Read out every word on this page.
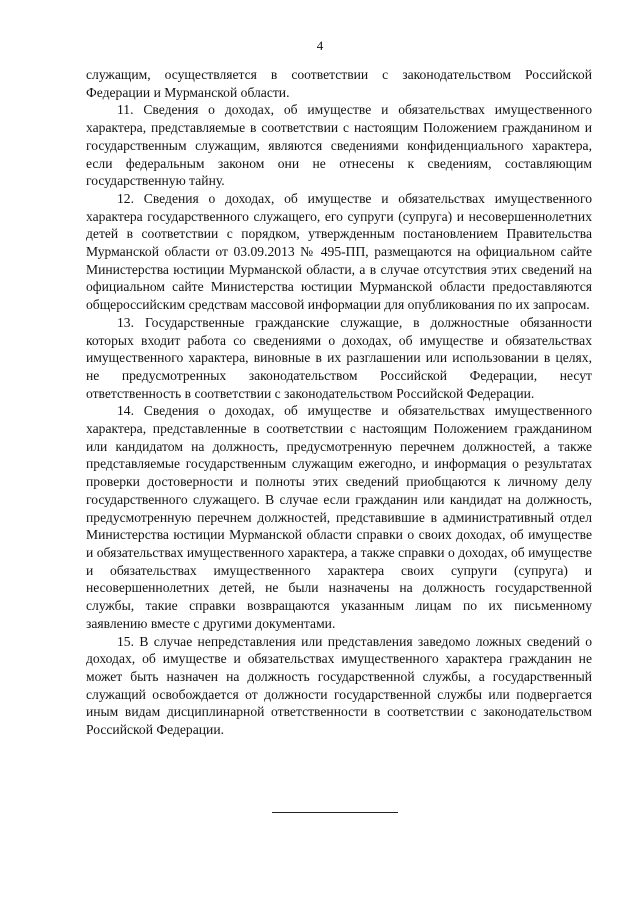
4

служащим, осуществляется в соответствии с законодательством Российской Федерации и Мурманской области.

11. Сведения о доходах, об имуществе и обязательствах имущественного характера, представляемые в соответствии с настоящим Положением гражданином и государственным служащим, являются сведениями конфиденциального характера, если федеральным законом они не отнесены к сведениям, составляющим государственную тайну.

12. Сведения о доходах, об имуществе и обязательствах имущественного характера государственного служащего, его супруги (супруга) и несовершеннолетних детей в соответствии с порядком, утвержденным постановлением Правительства Мурманской области от 03.09.2013 № 495-ПП, размещаются на официальном сайте Министерства юстиции Мурманской области, а в случае отсутствия этих сведений на официальном сайте Министерства юстиции Мурманской области предоставляются общероссийским средствам массовой информации для опубликования по их запросам.

13. Государственные гражданские служащие, в должностные обязанности которых входит работа со сведениями о доходах, об имуществе и обязательствах имущественного характера, виновные в их разглашении или использовании в целях, не предусмотренных законодательством Российской Федерации, несут ответственность в соответствии с законодательством Российской Федерации.

14. Сведения о доходах, об имуществе и обязательствах имущественного характера, представленные в соответствии с настоящим Положением гражданином или кандидатом на должность, предусмотренную перечнем должностей, а также представляемые государственным служащим ежегодно, и информация о результатах проверки достоверности и полноты этих сведений приобщаются к личному делу государственного служащего. В случае если гражданин или кандидат на должность, предусмотренную перечнем должностей, представившие в административный отдел Министерства юстиции Мурманской области справки о своих доходах, об имуществе и обязательствах имущественного характера, а также справки о доходах, об имуществе и обязательствах имущественного характера своих супруги (супруга) и несовершеннолетних детей, не были назначены на должность государственной службы, такие справки возвращаются указанным лицам по их письменному заявлению вместе с другими документами.

15. В случае непредставления или представления заведомо ложных сведений о доходах, об имуществе и обязательствах имущественного характера гражданин не может быть назначен на должность государственной службы, а государственный служащий освобождается от должности государственной службы или подвергается иным видам дисциплинарной ответственности в соответствии с законодательством Российской Федерации.
